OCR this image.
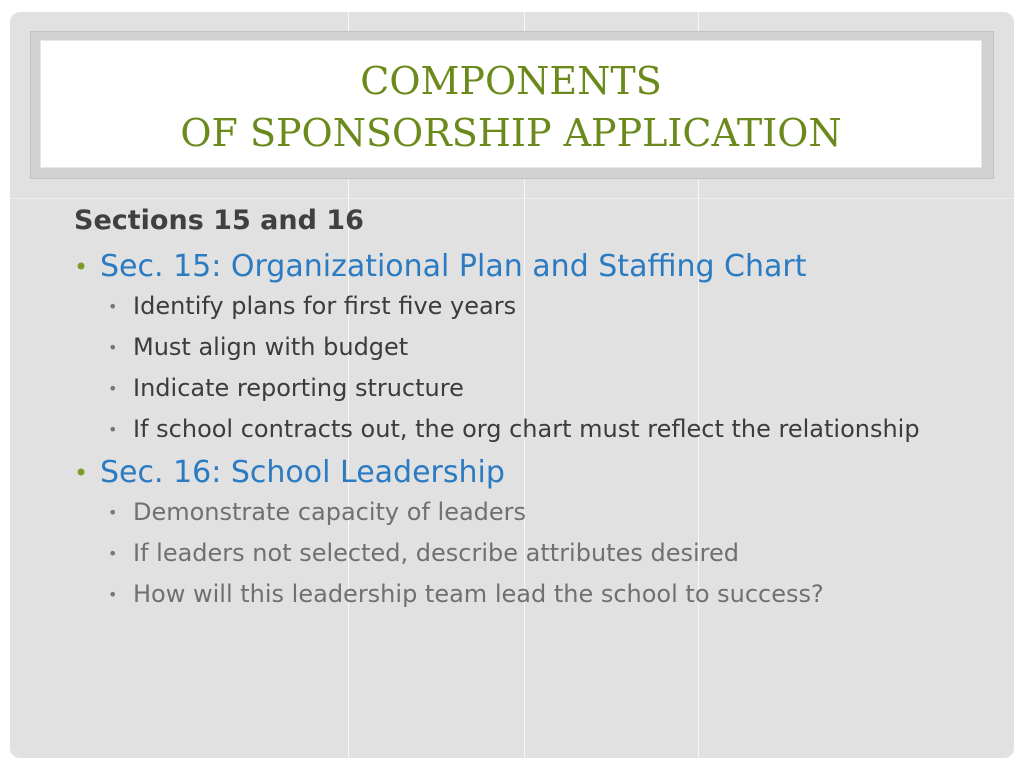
COMPONENTS
OF SPONSORSHIP APPLICATION
Sections 15 and 16
• Sec. 15: Organizational Plan and Staffing Chart
• Identify plans for first five years
• Must align with budget
• Indicate reporting structure
• If school contracts out, the org chart must reflect the relationship
• Sec. 16: School Leadership
• Demonstrate capacity of leaders
• If leaders not selected, describe attributes desired
• How will this leadership team lead the school to success?
